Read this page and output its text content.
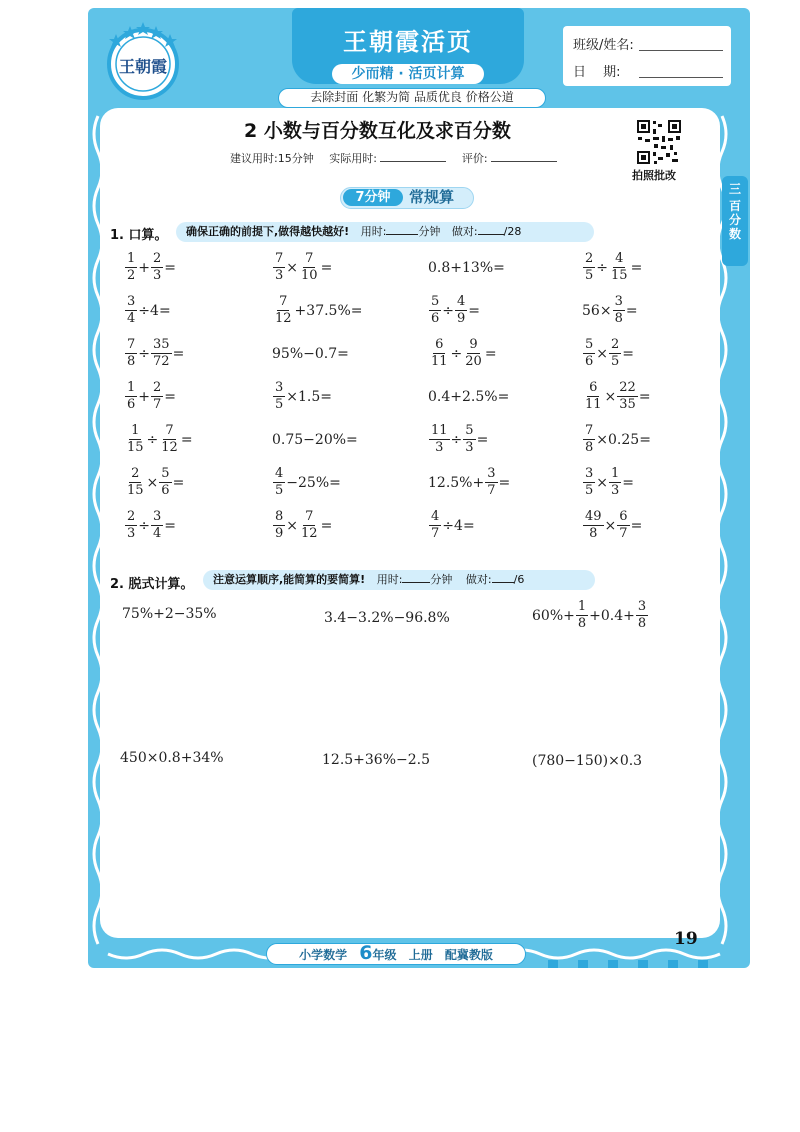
王朝霞
王朝霞活页
少而精 · 活页计算
班级/姓名:
日　 期:
去除封面 化繁为简 品质优良 价格公道
2 小数与百分数互化及求百分数
建议用时:15分钟 实际用时:	评价:
拍照批改
7分钟	常规算	三
百分数
1. 口算。	确保正确的前提下,做得越快越好! 用时:	分钟 做对: /28
$\frac{1}{2} + \frac{2}{3}$ =	$\frac{7}{3} \times \frac{7}{10}$ =	0.8 + 13% =	$\frac{2}{5} \div \frac{4}{15}$ =
$\frac{3}{4} \div 4$ =	$\frac{7}{12} + 37.5\%$ =	$\frac{5}{6} \div \frac{4}{9}$ =	$56 \times \frac{3}{8}$ =
$\frac{7}{8} \div \frac{35}{72}$ =	95% − 0.7 =	$\frac{6}{11} \div \frac{9}{20}$ =	$\frac{5}{6} \times \frac{2}{5}$ =
$\frac{1}{6} + \frac{2}{7}$ =	$\frac{3}{5} \times 1.5$ =	0.4 + 2.5% =	$\frac{6}{11} \times \frac{22}{35}$ =
$\frac{1}{15} \div \frac{7}{12}$ =	0.75 − 20% =	$\frac{11}{3} \div \frac{5}{3}$ =	$\frac{7}{8} \times 0.25$ =
$\frac{2}{15} \times \frac{5}{6}$ =	$\frac{4}{5} - 25\%$ =	$12.5\% + \frac{3}{7}$ =	$\frac{3}{5} \times \frac{1}{3}$ =
$\frac{2}{3} \div \frac{3}{4}$ =	$\frac{8}{9} \times \frac{7}{12}$ =	$\frac{4}{7} \div 4$ =	$\frac{49}{8} \times \frac{6}{7}$ =
2. 脱式计算。	注意运算顺序,能简算的要简算! 用时:	分钟 做对: /6
75%+2−35%	3.4−3.2%−96.8%	$60\%+ \frac{1}{8} +0.4+ \frac{3}{8}$
450×0.8+34%	12.5+36%−2.5	(780−150)×0.3
19
小学数学 6年级 上册 配冀教版
